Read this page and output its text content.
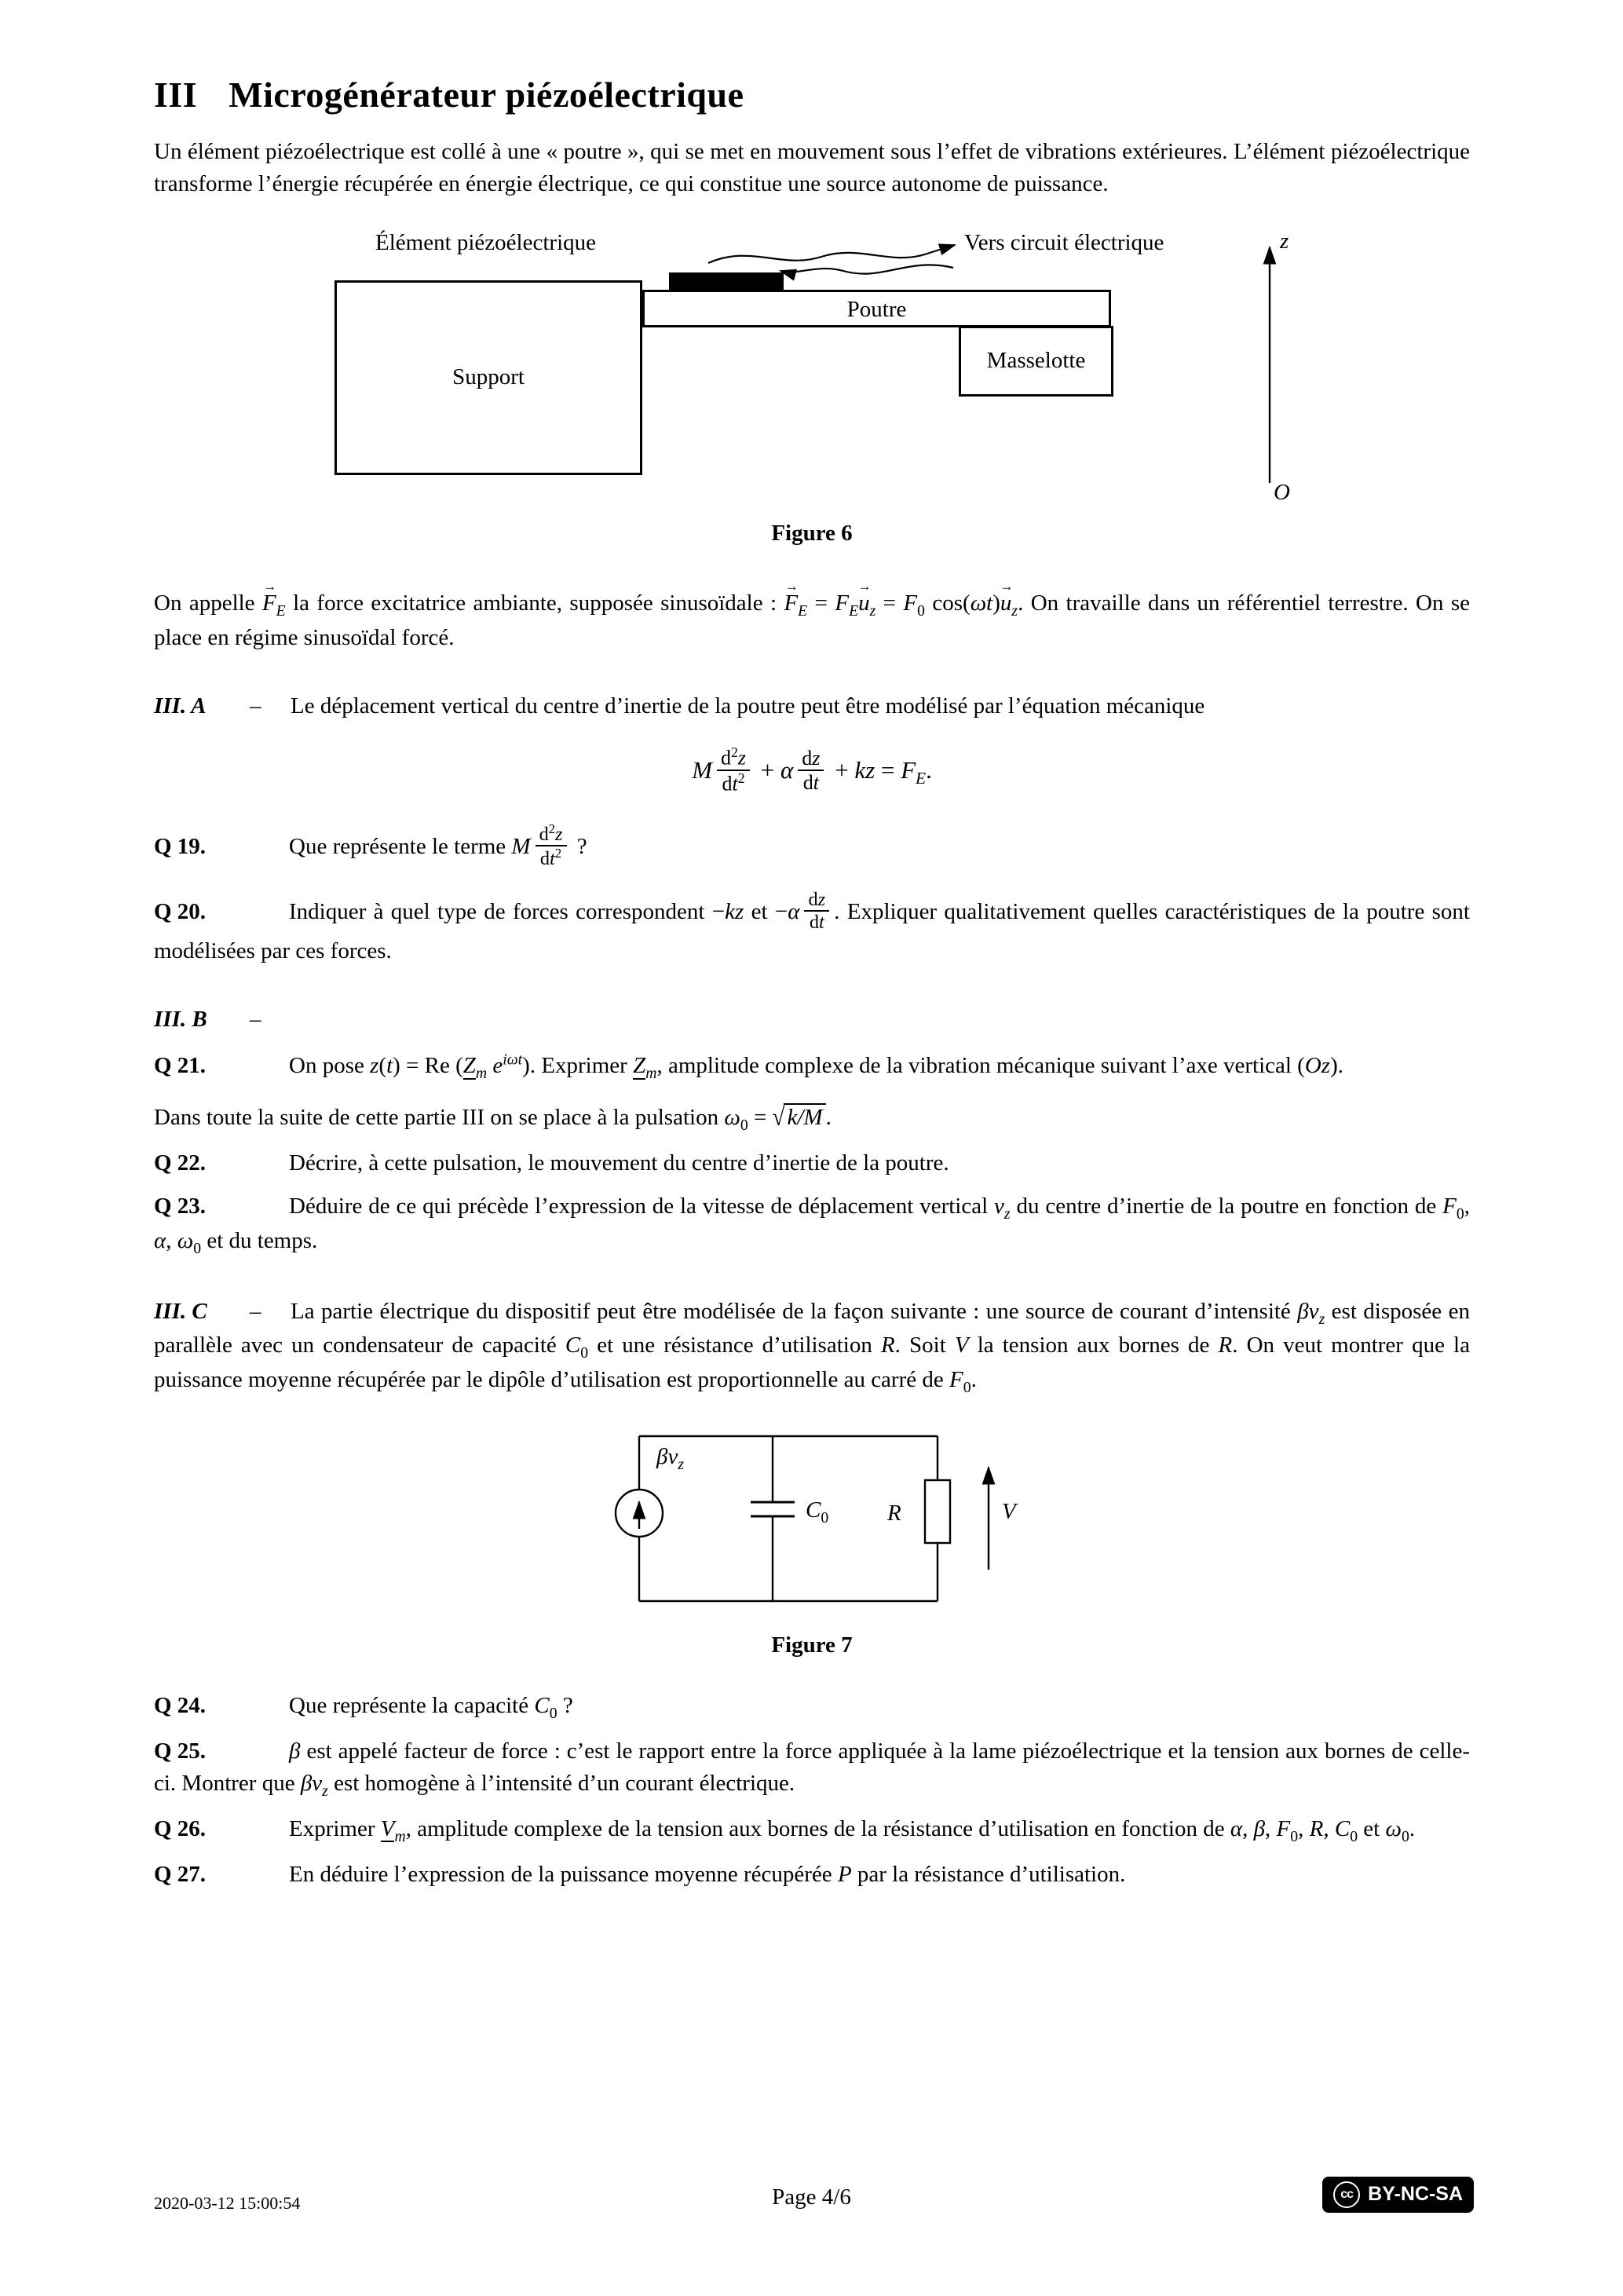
III Microgénérateur piézoélectrique

Un élément piézoélectrique est collé à une « poutre », qui se met en mouvement sous l’effet de vibrations extérieures. L’élément piézoélectrique transforme l’énergie récupérée en énergie électrique, ce qui constitue une source autonome de puissance.

Élément piézoélectrique	Vers circuit électrique	z
O
Support
Poutre
Masselotte

Figure 6

On appelle $F \to_E$ la force excitatrice ambiante, supposée sinusoïdale : $F \to_E = F_Eu \to_z = F_0$ $\cos(\omega t)u \to_z$. On travaille dans un référentiel terrestre. On se place en régime sinusoïdal forcé.

III. A – Le déplacement vertical du centre d’inertie de la poutre peut être modélisé par l’équation mécanique

M $\frac{d^2z}{dt^2} + \alpha \frac{dz}{dt}$ + kz = $F_E$.

Q 19.	Que représente le terme M $\frac{d^2z}{dt^2}$ ?

Q 20.	Indiquer à quel type de forces correspondent −kz et $-\alpha \frac{dz}{dt}$ . Expliquer qualitativement quelles caractéristiques de la poutre sont modélisées par ces forces.

III. B –

Q 21.	On pose z(t) = Re ($Z_m$ $e^{i\omega t}$). Exprimer $Z_m$, amplitude complexe de la vibration mécanique suivant l’axe vertical (Oz).

Dans toute la suite de cette partie III on se place à la pulsation $\omega_0$ = √ k/M .

Q 22.	Décrire, à cette pulsation, le mouvement du centre d’inertie de la poutre.

Q 23.	Déduire de ce qui précède l’expression de la vitesse de déplacement vertical $v_z$ du centre d’inertie de la poutre en fonction de $F_0$, α, $\omega_0$ et du temps.

III. C – La partie électrique du dispositif peut être modélisée de la façon suivante : une source de courant d’intensité $\beta v_z$ est disposée en parallèle avec un condensateur de capacité $C_0$ et une résistance d’utilisation R. Soit V la tension aux bornes de R. On veut montrer que la puissance moyenne récupérée par le dipôle d’utilisation est proportionnelle au carré de $F_0$.

$\beta v_z$
$C_0$	R	V

Figure 7

Q 24.	Que représente la capacité $C_0$ ?

Q 25.	β est appelé facteur de force : c’est le rapport entre la force appliquée à la lame piézoélectrique et la tension aux bornes de celle-ci. Montrer que $\beta v_z$ est homogène à l’intensité d’un courant électrique.

Q 26.	Exprimer $V_m$, amplitude complexe de la tension aux bornes de la résistance d’utilisation en fonction de α, β, $F_0$, R, $C_0$ et $\omega_0$.

Q 27.	En déduire l’expression de la puissance moyenne récupérée P par la résistance d’utilisation.

2020-03-12 15:00:54	Page 4/6	cc BY-NC-SA
